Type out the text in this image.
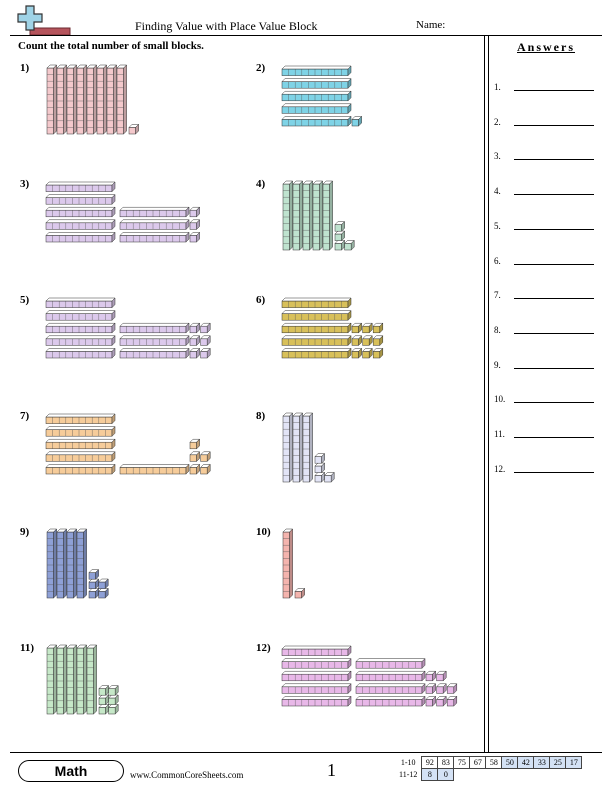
Finding Value with Place Value Block	Name:
Count the total number of small blocks.	Answers
1.
2.
3.
4.
5.
6.
7.
8.
9.
10.
11.
12.
1)	2)
3)	4)
5)	6)
7)	8)
9)	10)
11)	12)
Math	www.CommonCoreSheets.com	1	1-10	92	83	75	67	58	50	42	33	25	17
11-12	8	0								
